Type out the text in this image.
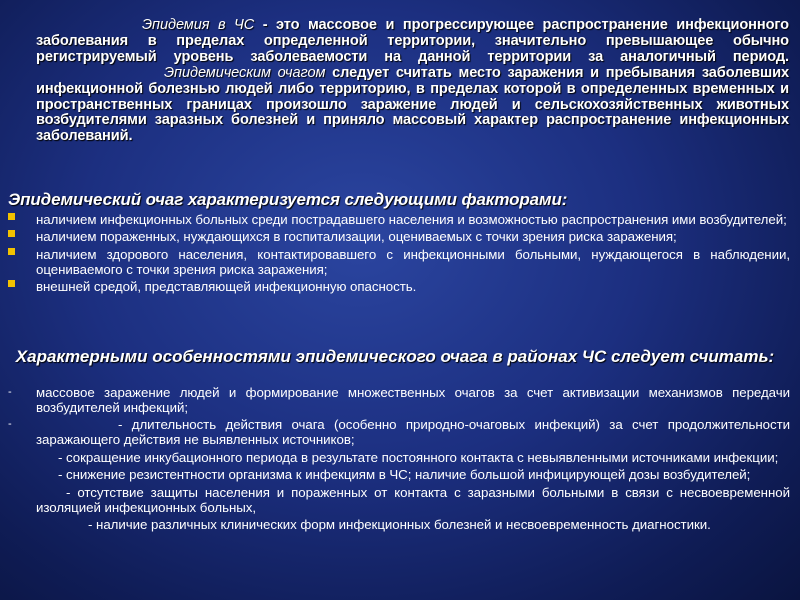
Эпидемия в ЧС - это массовое и прогрессирующее распространение инфекционного заболевания в пределах определенной территории, значительно превышающее обычно регистрируемый уровень заболеваемости на данной территории за аналогичный период.Эпидемическим очагом следует считать место заражения и пребывания заболевших инфекционной болезнью людей либо территорию, в пределах которой в определенных временных и пространственных границах произошло заражение людей и сельскохозяйственных животных возбудителями заразных болезней и приняло массовый характер распространение инфекционных заболеваний.
Эпидемический очаг характеризуется следующими факторами:
наличием инфекционных больных среди пострадавшего населения и возможностью распространения ими возбудителей;
наличием пораженных, нуждающихся в госпитализации, оцениваемых с точки зрения риска заражения;
наличием здорового населения, контактировавшего с инфекционными больными, нуждающегося в наблюдении, оцениваемого с точки зрения риска заражения;
внешней средой, представляющей инфекционную опасность.
Характерными особенностями эпидемического очага в районах ЧС следует считать:
- массовое заражение людей и формирование множественных очагов за счет активизации механизмов передачи возбудителей инфекций;
-	- длительность действия очага (особенно природно-очаговых инфекций) за счет продолжительности заражающего действия не выявленных источников;
- сокращение инкубационного периода в результате постоянного контакта с невыявленными источниками инфекции;
- снижение резистентности организма к инфекциям в ЧС; наличие большой инфицирующей дозы возбудителей;
- отсутствие защиты населения и пораженных от контакта с заразными больными в связи с несвоевременной изоляцией инфекционных больных,
- наличие различных клинических форм инфекционных болезней и несвоевременность диагностики.
